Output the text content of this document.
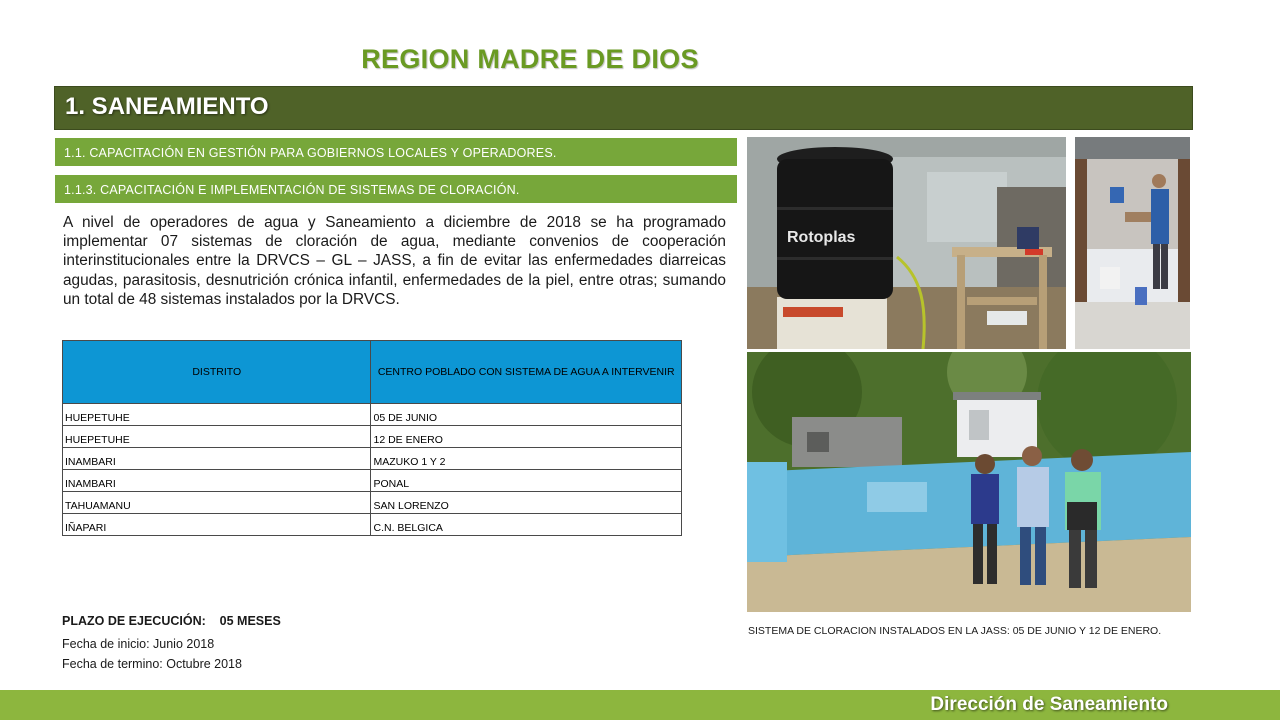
REGION MADRE DE DIOS
1. SANEAMIENTO
1.1. CAPACITACIÓN EN GESTIÓN PARA GOBIERNOS LOCALES Y OPERADORES.
1.1.3. CAPACITACIÓN E IMPLEMENTACIÓN DE SISTEMAS DE CLORACIÓN.
A nivel de operadores de agua y Saneamiento a diciembre de 2018 se ha programado implementar 07 sistemas de cloración de agua, mediante convenios de cooperación interinstitucionales entre la DRVCS – GL – JASS, a fin de evitar las enfermedades diarreicas agudas, parasitosis, desnutrición crónica infantil, enfermedades de la piel, entre otras; sumando un total de 48 sistemas instalados por la DRVCS.
DISTRITO	CENTRO POBLADO CON SISTEMA DE AGUA A INTERVENIR
HUEPETUHE	05 DE JUNIO
HUEPETUHE	12 DE ENERO
INAMBARI	MAZUKO 1 Y 2
INAMBARI	PONAL
TAHUAMANU	SAN LORENZO
IÑAPARI	C.N. BELGICA
PLAZO DE EJECUCIÓN:    05 MESES
Fecha de inicio: Junio 2018
Fecha de termino: Octubre 2018
Rotoplas
SISTEMA DE CLORACION INSTALADOS EN LA JASS: 05 DE JUNIO Y 12 DE ENERO.
Dirección de Saneamiento
